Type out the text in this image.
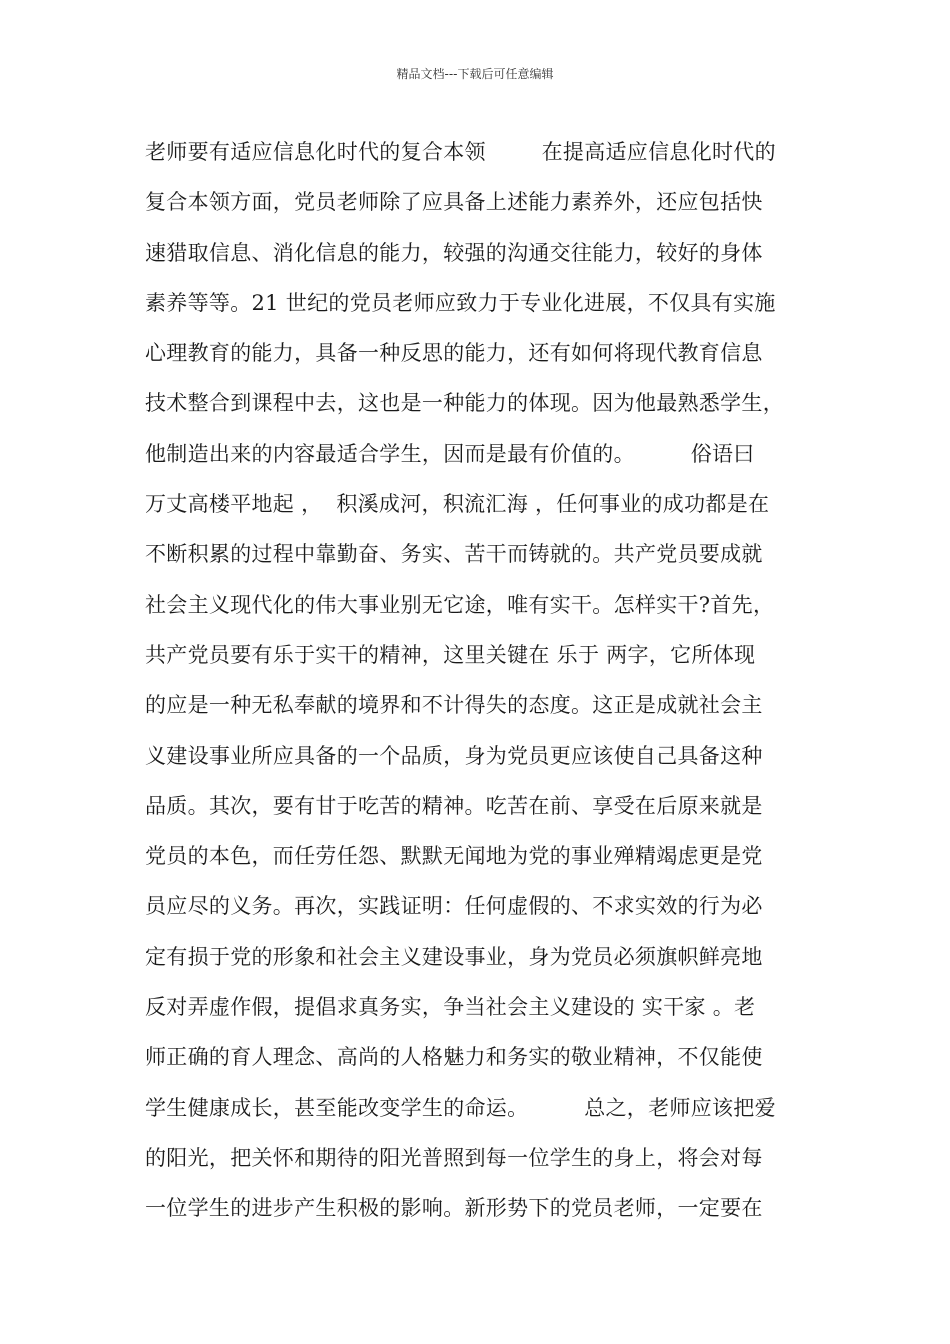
精品文档---下载后可任意编辑
老师要有适应信息化时代的复合本领        在提高适应信息化时代的
复合本领方面，党员老师除了应具备上述能力素养外，还应包括快
速猎取信息、消化信息的能力，较强的沟通交往能力，较好的身体
素养等等。21 世纪的党员老师应致力于专业化进展，不仅具有实施
心理教育的能力，具备一种反思的能力，还有如何将现代教育信息
技术整合到课程中去，这也是一种能力的体现。因为他最熟悉学生，
他制造出来的内容最适合学生，因而是最有价值的。        俗语曰
万丈高楼平地起 ，  积溪成河，积流汇海 ，任何事业的成功都是在
不断积累的过程中靠勤奋、务实、苦干而铸就的。共产党员要成就
社会主义现代化的伟大事业别无它途，唯有实干。怎样实干?首先，
共产党员要有乐于实干的精神，这里关键在 乐于 两字，它所体现
的应是一种无私奉献的境界和不计得失的态度。这正是成就社会主
义建设事业所应具备的一个品质，身为党员更应该使自己具备这种
品质。其次，要有甘于吃苦的精神。吃苦在前、享受在后原来就是
党员的本色，而任劳任怨、默默无闻地为党的事业殚精竭虑更是党
员应尽的义务。再次，实践证明：任何虚假的、不求实效的行为必
定有损于党的形象和社会主义建设事业，身为党员必须旗帜鲜亮地
反对弄虚作假，提倡求真务实，争当社会主义建设的 实干家 。老
师正确的育人理念、高尚的人格魅力和务实的敬业精神，不仅能使
学生健康成长，甚至能改变学生的命运。        总之，老师应该把爱
的阳光，把关怀和期待的阳光普照到每一位学生的身上，将会对每
一位学生的进步产生积极的影响。新形势下的党员老师，一定要在
